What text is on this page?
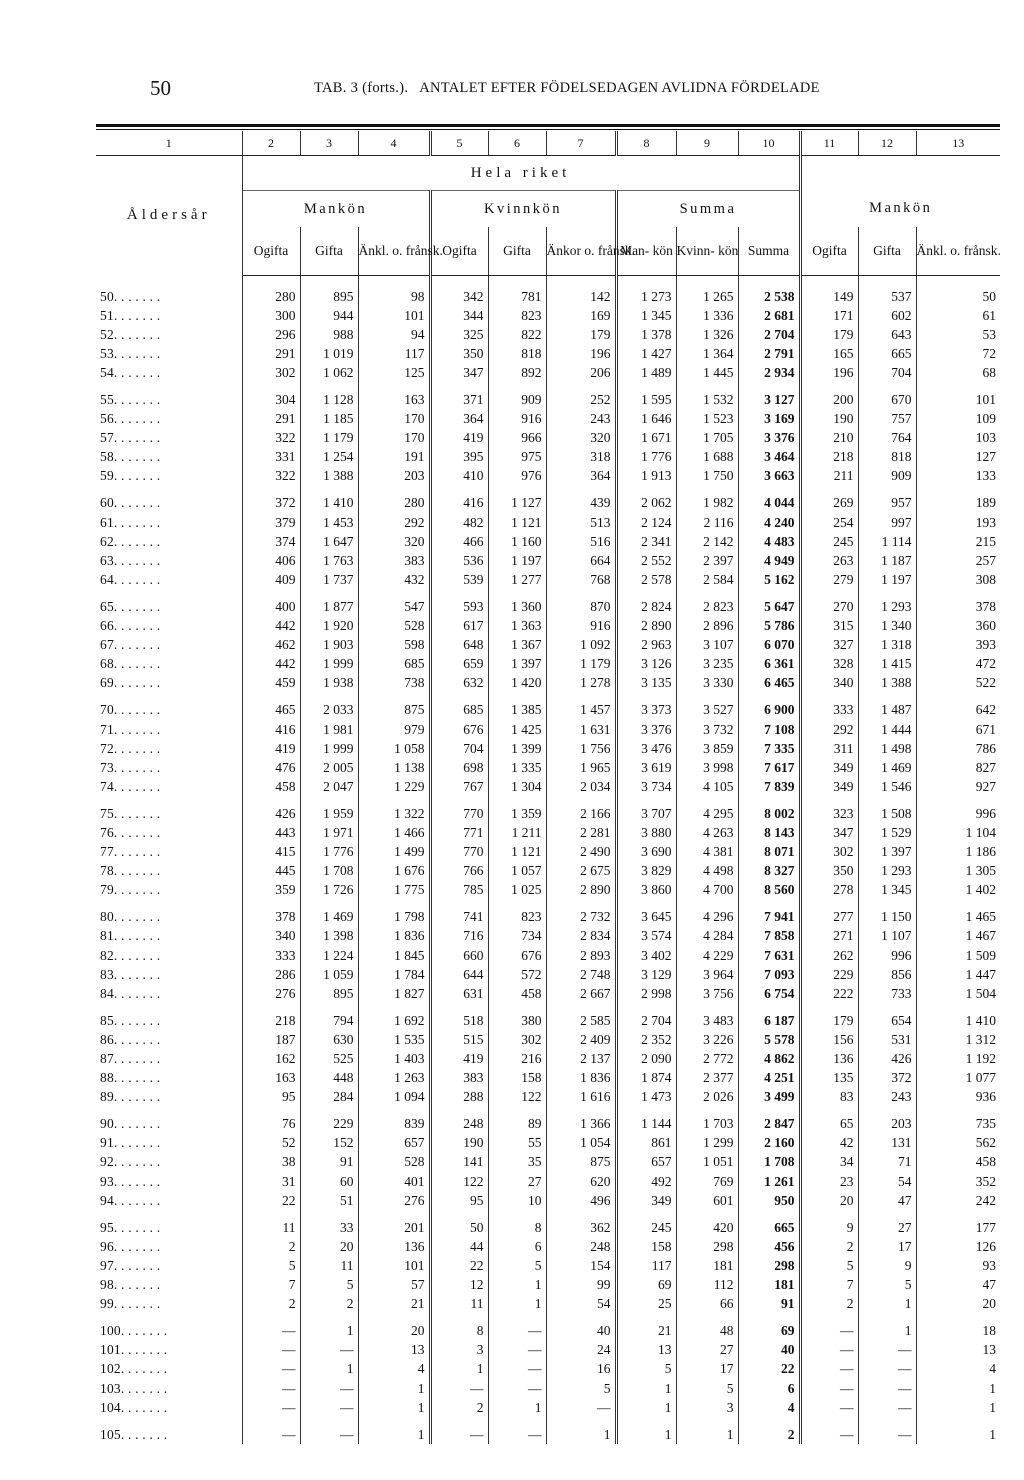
50	TAB. 3 (forts.). ANTALET EFTER FÖDELSEDAGEN AVLIDNA FÖRDELADE
1	2	3	4	5	6	7	8	9	10	11	12	13
Åldersår	Hela riket											
	Mankön			Kvinnkön			Summa			Mankön		
	Ogifta	Gifta	Änkl. o. frånsk.	Ogifta	Gifta	Änkor o. frånsk.	Man- kön	Kvinn- kön	Summa	Ogifta	Gifta	Änkl. o. frånsk.

50. . . . . . .	280	895	98	342	781	142	1 273	1 265	2 538	149	537	50
51. . . . . . .	300	944	101	344	823	169	1 345	1 336	2 681	171	602	61
52. . . . . . .	296	988	94	325	822	179	1 378	1 326	2 704	179	643	53
53. . . . . . .	291	1 019	117	350	818	196	1 427	1 364	2 791	165	665	72
54. . . . . . .	302	1 062	125	347	892	206	1 489	1 445	2 934	196	704	68
55. . . . . . .	304	1 128	163	371	909	252	1 595	1 532	3 127	200	670	101
56. . . . . . .	291	1 185	170	364	916	243	1 646	1 523	3 169	190	757	109
57. . . . . . .	322	1 179	170	419	966	320	1 671	1 705	3 376	210	764	103
58. . . . . . .	331	1 254	191	395	975	318	1 776	1 688	3 464	218	818	127
59. . . . . . .	322	1 388	203	410	976	364	1 913	1 750	3 663	211	909	133
60. . . . . . .	372	1 410	280	416	1 127	439	2 062	1 982	4 044	269	957	189
61. . . . . . .	379	1 453	292	482	1 121	513	2 124	2 116	4 240	254	997	193
62. . . . . . .	374	1 647	320	466	1 160	516	2 341	2 142	4 483	245	1 114	215
63. . . . . . .	406	1 763	383	536	1 197	664	2 552	2 397	4 949	263	1 187	257
64. . . . . . .	409	1 737	432	539	1 277	768	2 578	2 584	5 162	279	1 197	308
65. . . . . . .	400	1 877	547	593	1 360	870	2 824	2 823	5 647	270	1 293	378
66. . . . . . .	442	1 920	528	617	1 363	916	2 890	2 896	5 786	315	1 340	360
67. . . . . . .	462	1 903	598	648	1 367	1 092	2 963	3 107	6 070	327	1 318	393
68. . . . . . .	442	1 999	685	659	1 397	1 179	3 126	3 235	6 361	328	1 415	472
69. . . . . . .	459	1 938	738	632	1 420	1 278	3 135	3 330	6 465	340	1 388	522
70. . . . . . .	465	2 033	875	685	1 385	1 457	3 373	3 527	6 900	333	1 487	642
71. . . . . . .	416	1 981	979	676	1 425	1 631	3 376	3 732	7 108	292	1 444	671
72. . . . . . .	419	1 999	1 058	704	1 399	1 756	3 476	3 859	7 335	311	1 498	786
73. . . . . . .	476	2 005	1 138	698	1 335	1 965	3 619	3 998	7 617	349	1 469	827
74. . . . . . .	458	2 047	1 229	767	1 304	2 034	3 734	4 105	7 839	349	1 546	927
75. . . . . . .	426	1 959	1 322	770	1 359	2 166	3 707	4 295	8 002	323	1 508	996
76. . . . . . .	443	1 971	1 466	771	1 211	2 281	3 880	4 263	8 143	347	1 529	1 104
77. . . . . . .	415	1 776	1 499	770	1 121	2 490	3 690	4 381	8 071	302	1 397	1 186
78. . . . . . .	445	1 708	1 676	766	1 057	2 675	3 829	4 498	8 327	350	1 293	1 305
79. . . . . . .	359	1 726	1 775	785	1 025	2 890	3 860	4 700	8 560	278	1 345	1 402
80. . . . . . .	378	1 469	1 798	741	823	2 732	3 645	4 296	7 941	277	1 150	1 465
81. . . . . . .	340	1 398	1 836	716	734	2 834	3 574	4 284	7 858	271	1 107	1 467
82. . . . . . .	333	1 224	1 845	660	676	2 893	3 402	4 229	7 631	262	996	1 509
83. . . . . . .	286	1 059	1 784	644	572	2 748	3 129	3 964	7 093	229	856	1 447
84. . . . . . .	276	895	1 827	631	458	2 667	2 998	3 756	6 754	222	733	1 504
85. . . . . . .	218	794	1 692	518	380	2 585	2 704	3 483	6 187	179	654	1 410
86. . . . . . .	187	630	1 535	515	302	2 409	2 352	3 226	5 578	156	531	1 312
87. . . . . . .	162	525	1 403	419	216	2 137	2 090	2 772	4 862	136	426	1 192
88. . . . . . .	163	448	1 263	383	158	1 836	1 874	2 377	4 251	135	372	1 077
89. . . . . . .	95	284	1 094	288	122	1 616	1 473	2 026	3 499	83	243	936
90. . . . . . .	76	229	839	248	89	1 366	1 144	1 703	2 847	65	203	735
91. . . . . . .	52	152	657	190	55	1 054	861	1 299	2 160	42	131	562
92. . . . . . .	38	91	528	141	35	875	657	1 051	1 708	34	71	458
93. . . . . . .	31	60	401	122	27	620	492	769	1 261	23	54	352
94. . . . . . .	22	51	276	95	10	496	349	601	950	20	47	242
95. . . . . . .	11	33	201	50	8	362	245	420	665	9	27	177
96. . . . . . .	2	20	136	44	6	248	158	298	456	2	17	126
97. . . . . . .	5	11	101	22	5	154	117	181	298	5	9	93
98. . . . . . .	7	5	57	12	1	99	69	112	181	7	5	47
99. . . . . . .	2	2	21	11	1	54	25	66	91	2	1	20
100. . . . . . .	—	1	20	8	—	40	21	48	69	—	1	18
101. . . . . . .	—	—	13	3	—	24	13	27	40	—	—	13
102. . . . . . .	—	1	4	1	—	16	5	17	22	—	—	4
103. . . . . . .	—	—	1	—	—	5	1	5	6	—	—	1
104. . . . . . .	—	—	1	2	1	—	1	3	4	—	—	1
105. . . . . . .	—	—	1	—	—	1	1	1	2	—	—	1
